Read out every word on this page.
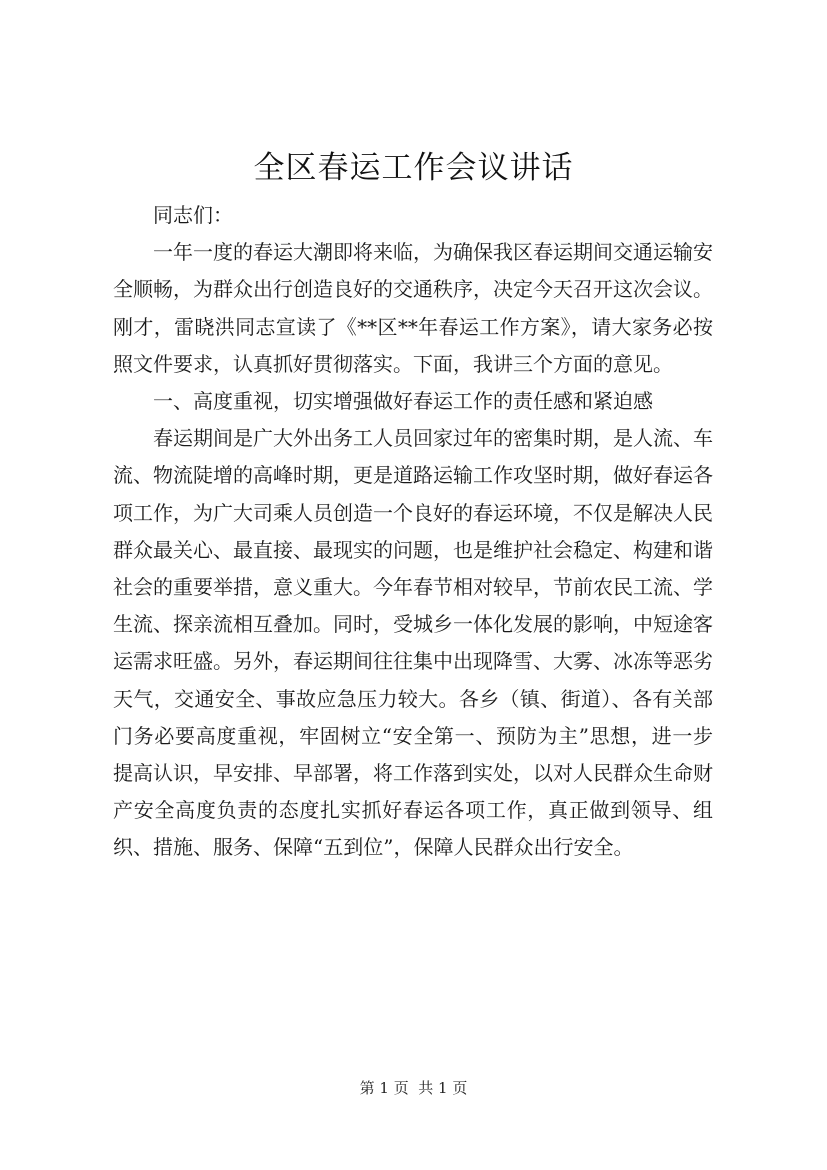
全区春运工作会议讲话

同志们：

一年一度的春运大潮即将来临，为确保我区春运期间交通运输安全顺畅，为群众出行创造良好的交通秩序，决定今天召开这次会议。刚才，雷晓洪同志宣读了《**区**年春运工作方案》，请大家务必按照文件要求，认真抓好贯彻落实。下面，我讲三个方面的意见。

一、高度重视，切实增强做好春运工作的责任感和紧迫感

春运期间是广大外出务工人员回家过年的密集时期，是人流、车流、物流陡增的高峰时期，更是道路运输工作攻坚时期，做好春运各项工作，为广大司乘人员创造一个良好的春运环境，不仅是解决人民群众最关心、最直接、最现实的问题，也是维护社会稳定、构建和谐社会的重要举措，意义重大。今年春节相对较早，节前农民工流、学生流、探亲流相互叠加。同时，受城乡一体化发展的影响，中短途客运需求旺盛。另外，春运期间往往集中出现降雪、大雾、冰冻等恶劣天气，交通安全、事故应急压力较大。各乡（镇、街道）、各有关部门务必要高度重视，牢固树立“安全第一、预防为主”思想，进一步提高认识，早安排、早部署，将工作落到实处，以对人民群众生命财产安全高度负责的态度扎实抓好春运各项工作，真正做到领导、组织、措施、服务、保障“五到位”，保障人民群众出行安全。

第 1 页  共 1 页
